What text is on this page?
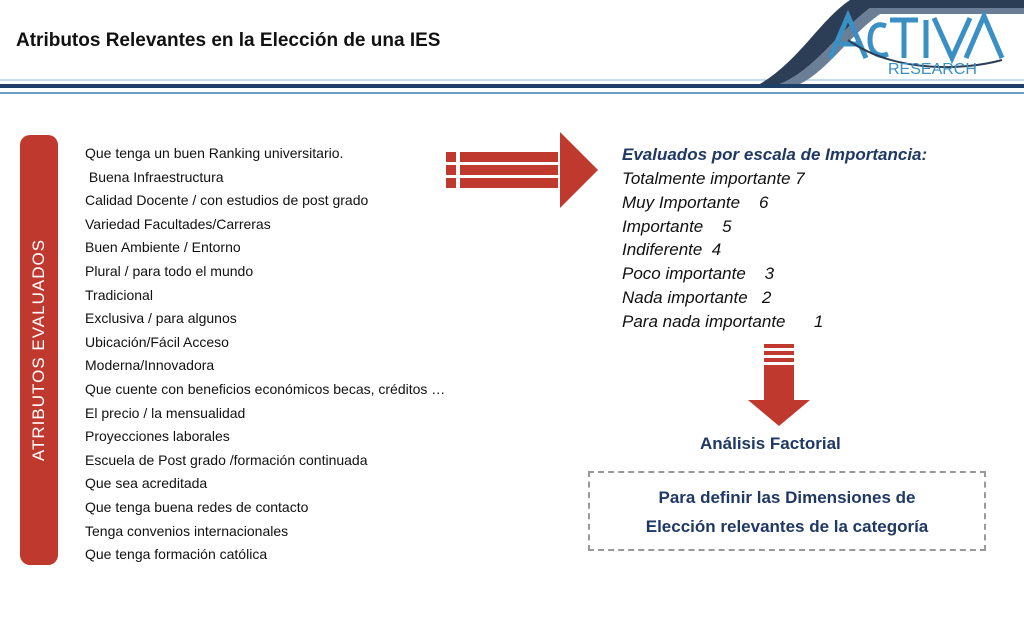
Atributos Relevantes en la Elección de una IES
RESEARCH
ATRIBUTOS EVALUADOS
Que tenga un buen Ranking universitario.
Buena Infraestructura
Calidad Docente / con estudios de post grado
Variedad Facultades/Carreras
Buen Ambiente / Entorno
Plural / para todo el mundo
Tradicional
Exclusiva / para algunos
Ubicación/Fácil Acceso
Moderna/Innovadora
Que cuente con beneficios económicos becas, créditos …
El precio / la mensualidad
Proyecciones laborales
Escuela de Post grado /formación continuada
Que sea acreditada
Que tenga buena redes de contacto
Tenga convenios internacionales
Que tenga formación católica
Evaluados por escala de Importancia:
Totalmente importante 7
Muy Importante    6
Importante    5
Indiferente  4
Poco importante    3
Nada importante   2
Para nada importante      1
Análisis Factorial
Para definir las Dimensiones de
Elección relevantes de la categoría
